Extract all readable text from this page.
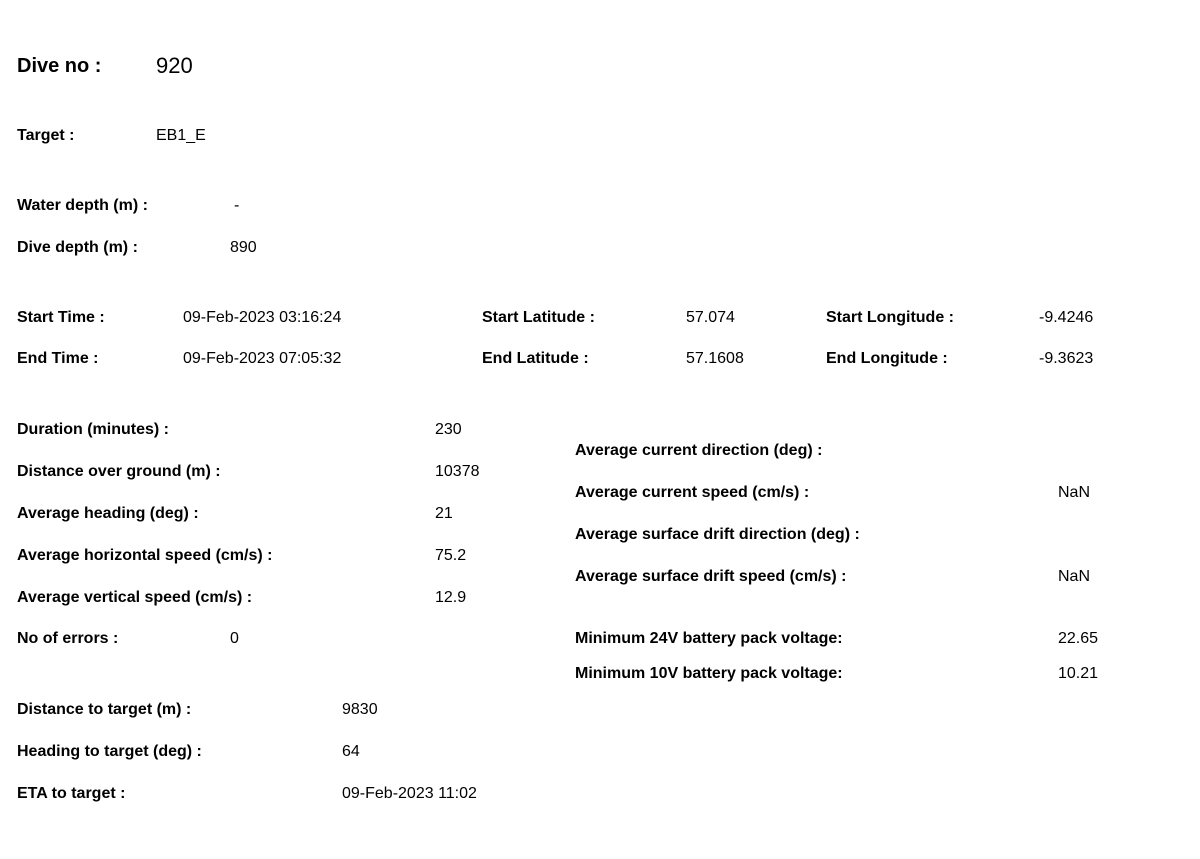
Dive no : 920
Target :	EB1_E
Water depth (m) :	-
Dive depth (m) :	890
Start Time :	09-Feb-2023 03:16:24	Start Latitude :	57.074	Start Longitude :	-9.4246
End Time :	09-Feb-2023 07:05:32	End Latitude :	57.1608	End Longitude :	-9.3623
Duration (minutes) :	230
Distance over ground (m) :	10378
Average heading (deg) :	21
Average horizontal speed (cm/s) :	75.2
Average vertical speed (cm/s) :	12.9
No of errors :	0
Average current direction (deg) :
Average current speed (cm/s) :	NaN
Average surface drift direction (deg) :
Average surface drift speed (cm/s) :	NaN
Minimum 24V battery pack voltage:	22.65
Minimum 10V battery pack voltage:	10.21
Distance to target (m) :	9830
Heading to target (deg) :	64
ETA to target :	09-Feb-2023 11:02
